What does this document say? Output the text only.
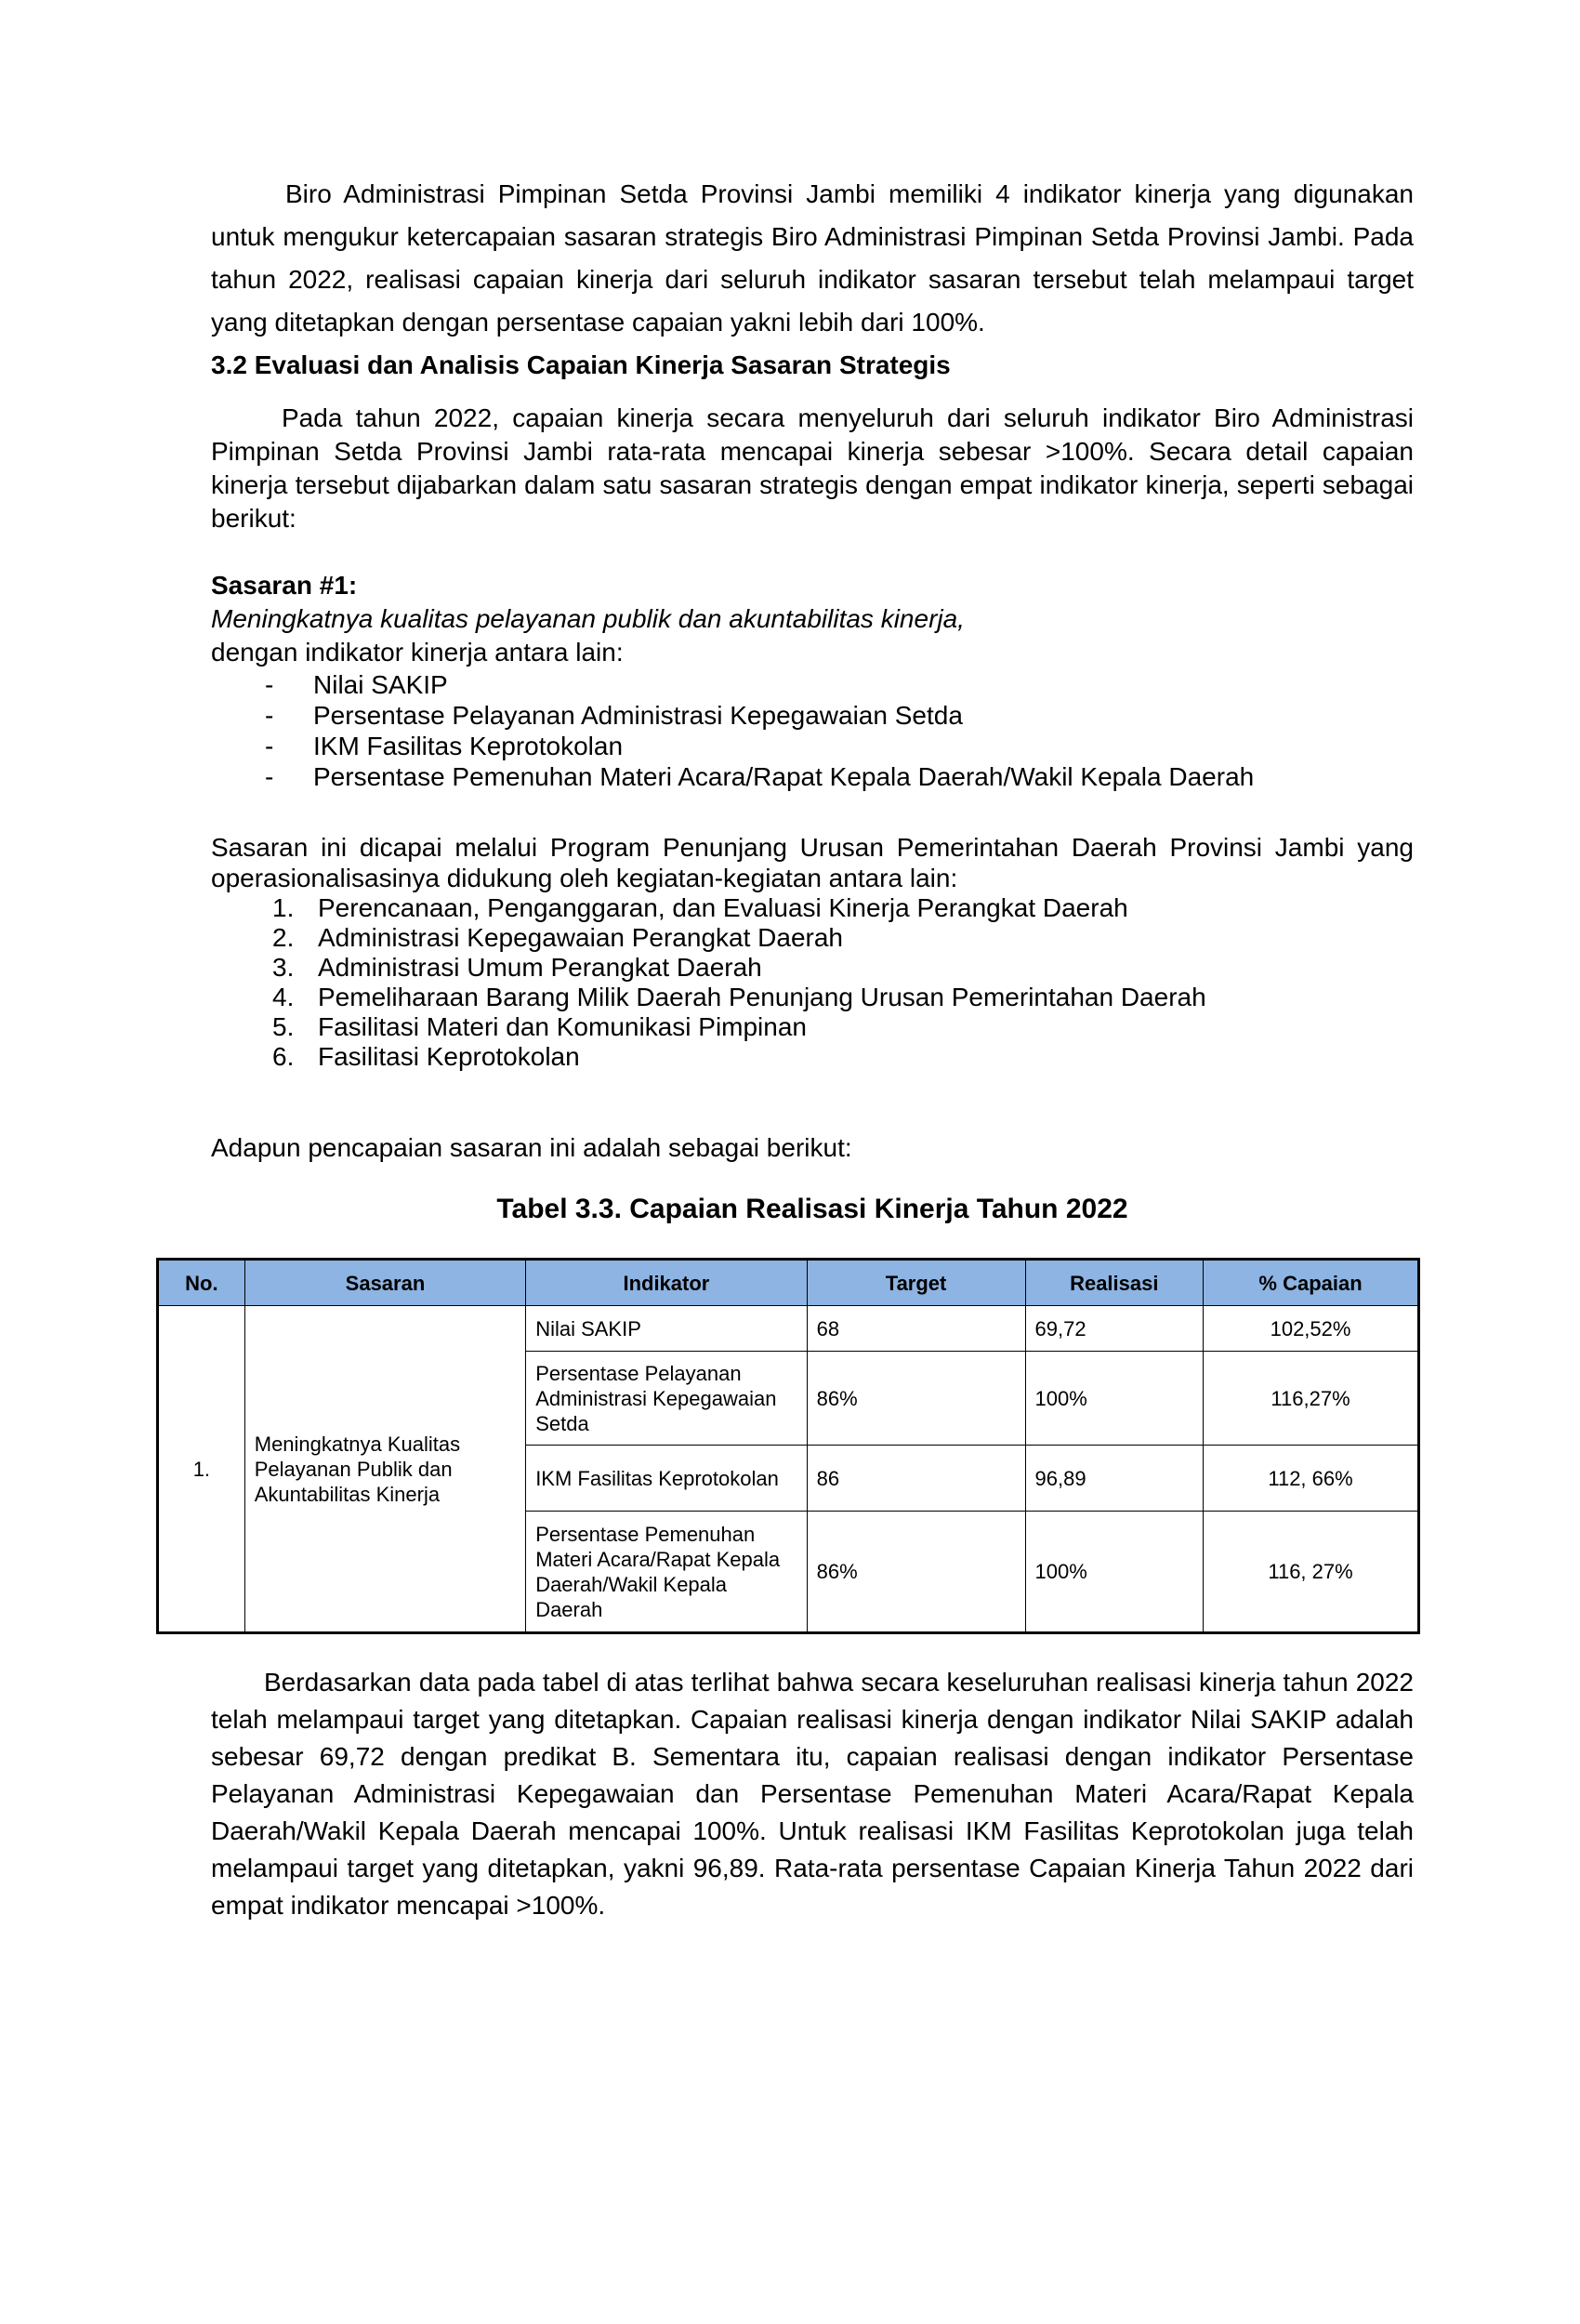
Biro Administrasi Pimpinan Setda Provinsi Jambi memiliki 4 indikator kinerja yang digunakan untuk mengukur ketercapaian sasaran strategis Biro Administrasi Pimpinan Setda Provinsi Jambi. Pada tahun 2022, realisasi capaian kinerja dari seluruh indikator sasaran tersebut telah melampaui target yang ditetapkan dengan persentase capaian yakni lebih dari 100%.

3.2 Evaluasi dan Analisis Capaian Kinerja Sasaran Strategis

Pada tahun 2022, capaian kinerja secara menyeluruh dari seluruh indikator Biro Administrasi Pimpinan Setda Provinsi Jambi rata-rata mencapai kinerja sebesar >100%. Secara detail capaian kinerja tersebut dijabarkan dalam satu sasaran strategis dengan empat indikator kinerja, seperti sebagai berikut:

Sasaran #1:
Meningkatnya kualitas pelayanan publik dan akuntabilitas kinerja,
dengan indikator kinerja antara lain:
-	Nilai SAKIP
-	Persentase Pelayanan Administrasi Kepegawaian Setda
-	IKM Fasilitas Keprotokolan
-	Persentase Pemenuhan Materi Acara/Rapat Kepala Daerah/Wakil Kepala Daerah

Sasaran ini dicapai melalui Program Penunjang Urusan Pemerintahan Daerah Provinsi Jambi yang operasionalisasinya didukung oleh kegiatan-kegiatan antara lain:

1. Perencanaan, Penganggaran, dan Evaluasi Kinerja Perangkat Daerah
2. Administrasi Kepegawaian Perangkat Daerah
3. Administrasi Umum Perangkat Daerah
4. Pemeliharaan Barang Milik Daerah Penunjang Urusan Pemerintahan Daerah
5. Fasilitasi Materi dan Komunikasi Pimpinan
6. Fasilitasi Keprotokolan
Adapun pencapaian sasaran ini adalah sebagai berikut:
Tabel 3.3. Capaian Realisasi Kinerja Tahun 2022
No.	Sasaran	Indikator	Target	Realisasi	% Capaian
1.	Meningkatnya Kualitas Pelayanan Publik dan Akuntabilitas Kinerja	Nilai SAKIP	68	69,72	102,52%
		Persentase Pelayanan Administrasi Kepegawaian Setda	86%	100%	116,27%
		IKM Fasilitas Keprotokolan	86	96,89	112, 66%
		Persentase Pemenuhan Materi Acara/Rapat Kepala Daerah/Wakil Kepala Daerah	86%	100%	116, 27%

Berdasarkan data pada tabel di atas terlihat bahwa secara keseluruhan realisasi kinerja tahun 2022 telah melampaui target yang ditetapkan. Capaian realisasi kinerja dengan indikator Nilai SAKIP adalah sebesar 69,72 dengan predikat B. Sementara itu, capaian realisasi dengan indikator Persentase Pelayanan Administrasi Kepegawaian dan Persentase Pemenuhan Materi Acara/Rapat Kepala Daerah/Wakil Kepala Daerah mencapai 100%. Untuk realisasi IKM Fasilitas Keprotokolan juga telah melampaui target yang ditetapkan, yakni 96,89. Rata-rata persentase Capaian Kinerja Tahun 2022 dari empat indikator mencapai >100%.
